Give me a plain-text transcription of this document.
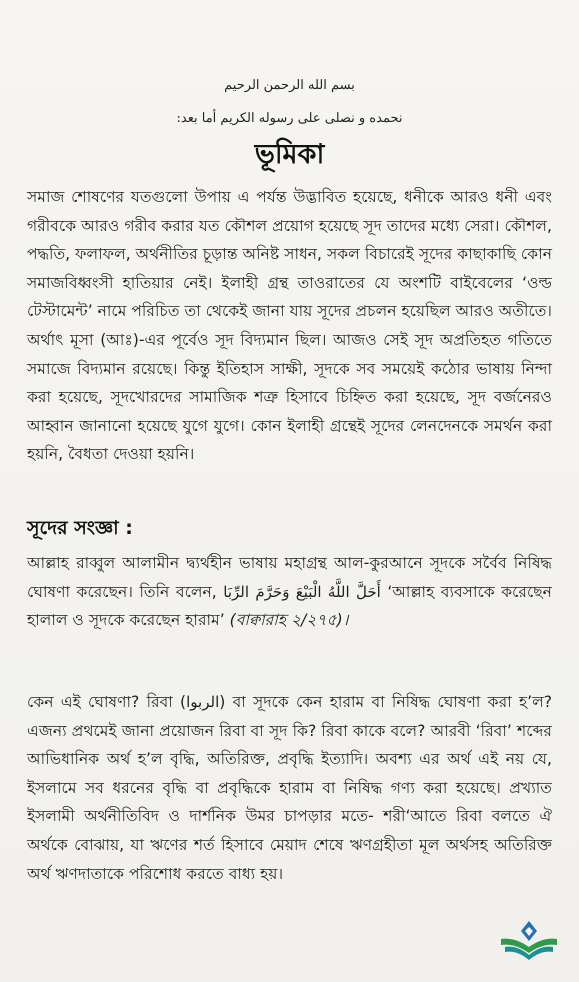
بسم الله الرحمن الرحيم
نحمده و نصلى على رسوله الكريم أما بعد:
ভূমিকা
সমাজ শোষণের যতগুলো উপায় এ পর্যন্ত উদ্ভাবিত হয়েছে, ধনীকে আরও ধনী এবং গরীবকে আরও গরীব করার যত কৌশল প্রয়োগ হয়েছে সূদ তাদের মধ্যে সেরা। কৌশল, পদ্ধতি, ফলাফল, অর্থনীতির চূড়ান্ত অনিষ্ট সাধন, সকল বিচারেই সূদের কাছাকাছি কোন সমাজবিধ্বংসী হাতিয়ার নেই। ইলাহী গ্রন্থ তাওরাতের যে অংশটি বাইবেলের ‘ওল্ড টেস্টামেন্ট’ নামে পরিচিত তা থেকেই জানা যায় সূদের প্রচলন হয়েছিল আরও অতীতে। অর্থাৎ মূসা (আঃ)-এর পূর্বেও সূদ বিদ্যমান ছিল। আজও সেই সূদ অপ্রতিহত গতিতে সমাজে বিদ্যমান রয়েছে। কিন্তু ইতিহাস সাক্ষী, সূদকে সব সময়েই কঠোর ভাষায় নিন্দা করা হয়েছে, সূদখোরদের সামাজিক শত্রু হিসাবে চিহ্নিত করা হয়েছে, সূদ বর্জনেরও আহ্বান জানানো হয়েছে যুগে যুগে। কোন ইলাহী গ্রন্থেই সূদের লেনদেনকে সমর্থন করা হয়নি, বৈধতা দেওয়া হয়নি।
সূদের সংজ্ঞা :
আল্লাহ রাব্বুল আলামীন দ্ব্যর্থহীন ভাষায় মহাগ্রন্থ আল-কুরআনে সূদকে সর্বৈব নিষিদ্ধ ঘোষণা করেছেন। তিনি বলেন, أَحَلَّ اللَّهُ الْبَيْعَ وَحَرَّمَ الرِّبَا ‘আল্লাহ ব্যবসাকে করেছেন হালাল ও সূদকে করেছেন হারাম’ (বাক্বারাহ ২/২৭৫)।
কেন এই ঘোষণা? রিবা (الربوا) বা সূদকে কেন হারাম বা নিষিদ্ধ ঘোষণা করা হ’ল? এজন্য প্রথমেই জানা প্রয়োজন রিবা বা সূদ কি? রিবা কাকে বলে? আরবী ‘রিবা’ শব্দের আভিধানিক অর্থ হ’ল বৃদ্ধি, অতিরিক্ত, প্রবৃদ্ধি ইত্যাদি। অবশ্য এর অর্থ এই নয় যে, ইসলামে সব ধরনের বৃদ্ধি বা প্রবৃদ্ধিকে হারাম বা নিষিদ্ধ গণ্য করা হয়েছে। প্রখ্যাত ইসলামী অর্থনীতিবিদ ও দার্শনিক উমর চাপড়ার মতে- শরী‘আতে রিবা বলতে ঐ অর্থকে বোঝায়, যা ঋণের শর্ত হিসাবে মেয়াদ শেষে ঋণগ্রহীতা মূল অর্থসহ অতিরিক্ত অর্থ ঋণদাতাকে পরিশোধ করতে বাধ্য হয়।
